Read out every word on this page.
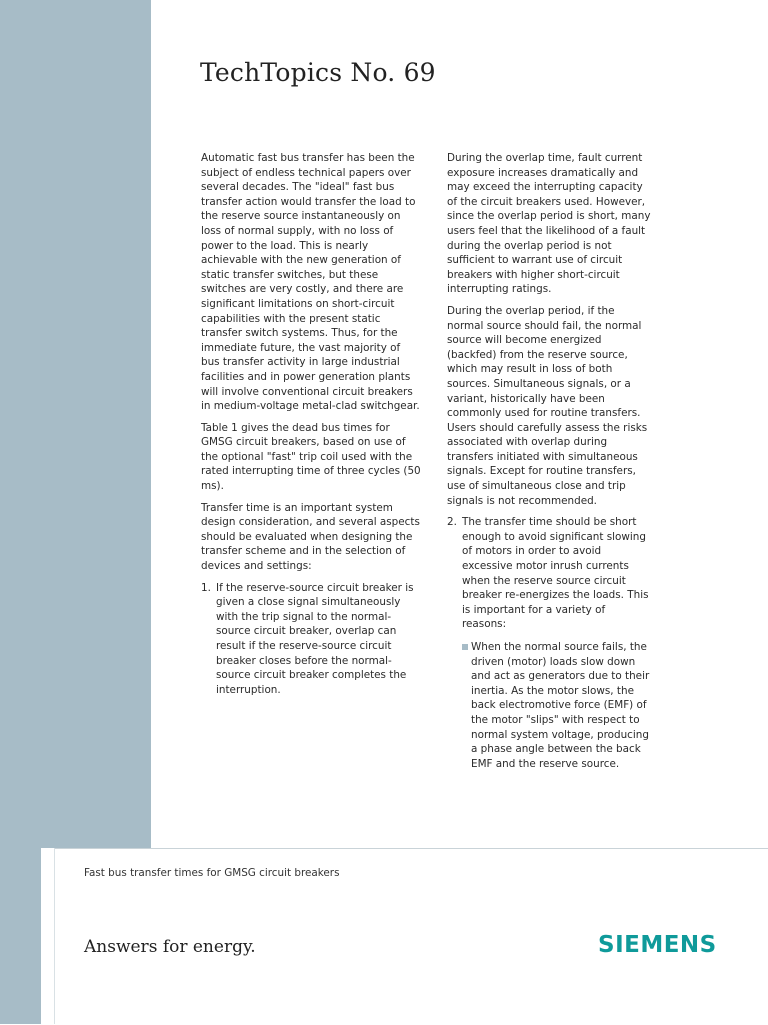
TechTopics No. 69

Automatic fast bus transfer has been the subject of endless technical papers over several decades. The "ideal" fast bus transfer action would transfer the load to the reserve source instantaneously on loss of normal supply, with no loss of power to the load. This is nearly achievable with the new generation of static transfer switches, but these switches are very costly, and there are significant limitations on short-circuit capabilities with the present static transfer switch systems. Thus, for the immediate future, the vast majority of bus transfer activity in large industrial facilities and in power generation plants will involve conventional circuit breakers in medium-voltage metal-clad switchgear.

Table 1 gives the dead bus times for GMSG circuit breakers, based on use of the optional "fast" trip coil used with the rated interrupting time of three cycles (50 ms).

Transfer time is an important system design consideration, and several aspects should be evaluated when designing the transfer scheme and in the selection of devices and settings:

1. If the reserve-source circuit breaker is given a close signal simultaneously with the trip signal to the normal-source circuit breaker, overlap can result if the reserve-source circuit breaker closes before the normal-source circuit breaker completes the interruption.

During the overlap time, fault current exposure increases dramatically and may exceed the interrupting capacity of the circuit breakers used. However, since the overlap period is short, many users feel that the likelihood of a fault during the overlap period is not sufficient to warrant use of circuit breakers with higher short-circuit interrupting ratings.

During the overlap period, if the normal source should fail, the normal source will become energized (backfed) from the reserve source, which may result in loss of both sources. Simultaneous signals, or a variant, historically have been commonly used for routine transfers. Users should carefully assess the risks associated with overlap during transfers initiated with simultaneous signals. Except for routine transfers, use of simultaneous close and trip signals is not recommended.

2. The transfer time should be short enough to avoid significant slowing of motors in order to avoid excessive motor inrush currents when the reserve source circuit breaker re-energizes the loads. This is important for a variety of reasons:
When the normal source fails, the driven (motor) loads slow down and act as generators due to their inertia. As the motor slows, the back electromotive force (EMF) of the motor "slips" with respect to normal system voltage, producing a phase angle between the back EMF and the reserve source.
Fast bus transfer times for GMSG circuit breakers
Answers for energy.	SIEMENS
